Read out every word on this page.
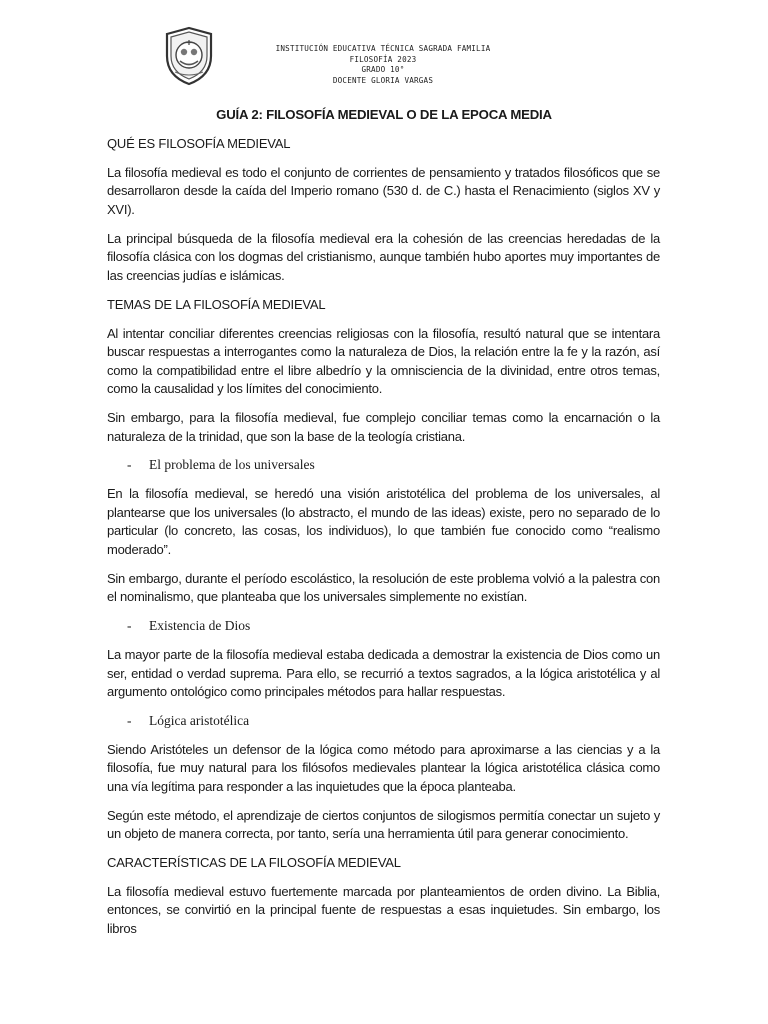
INSTITUCIÓN EDUCATIVA TÉCNICA SAGRADA FAMILIA
FILOSOFÍA 2023
GRADO 10°
DOCENTE GLORIA VARGAS
GUÍA 2: FILOSOFÍA MEDIEVAL O DE LA EPOCA MEDIA
QUÉ ES FILOSOFÍA MEDIEVAL

La filosofía medieval es todo el conjunto de corrientes de pensamiento y tratados filosóficos que se desarrollaron desde la caída del Imperio romano (530 d. de C.) hasta el Renacimiento (siglos XV y XVI).

La principal búsqueda de la filosofía medieval era la cohesión de las creencias heredadas de la filosofía clásica con los dogmas del cristianismo, aunque también hubo aportes muy importantes de las creencias judías e islámicas.

TEMAS DE LA FILOSOFÍA MEDIEVAL

Al intentar conciliar diferentes creencias religiosas con la filosofía, resultó natural que se intentara buscar respuestas a interrogantes como la naturaleza de Dios, la relación entre la fe y la razón, así como la compatibilidad entre el libre albedrío y la omnisciencia de la divinidad, entre otros temas, como la causalidad y los límites del conocimiento.

Sin embargo, para la filosofía medieval, fue complejo conciliar temas como la encarnación o la naturaleza de la trinidad, que son la base de la teología cristiana.

- El problema de los universales

En la filosofía medieval, se heredó una visión aristotélica del problema de los universales, al plantearse que los universales (lo abstracto, el mundo de las ideas) existe, pero no separado de lo particular (lo concreto, las cosas, los individuos), lo que también fue conocido como “realismo moderado”.

Sin embargo, durante el período escolástico, la resolución de este problema volvió a la palestra con el nominalismo, que planteaba que los universales simplemente no existían.

- Existencia de Dios

La mayor parte de la filosofía medieval estaba dedicada a demostrar la existencia de Dios como un ser, entidad o verdad suprema. Para ello, se recurrió a textos sagrados, a la lógica aristotélica y al argumento ontológico como principales métodos para hallar respuestas.

- Lógica aristotélica

Siendo Aristóteles un defensor de la lógica como método para aproximarse a las ciencias y a la filosofía, fue muy natural para los filósofos medievales plantear la lógica aristotélica clásica como una vía legítima para responder a las inquietudes que la época planteaba.

Según este método, el aprendizaje de ciertos conjuntos de silogismos permitía conectar un sujeto y un objeto de manera correcta, por tanto, sería una herramienta útil para generar conocimiento.

CARACTERÍSTICAS DE LA FILOSOFÍA MEDIEVAL

La filosofía medieval estuvo fuertemente marcada por planteamientos de orden divino. La Biblia, entonces, se convirtió en la principal fuente de respuestas a esas inquietudes. Sin embargo, los libros
